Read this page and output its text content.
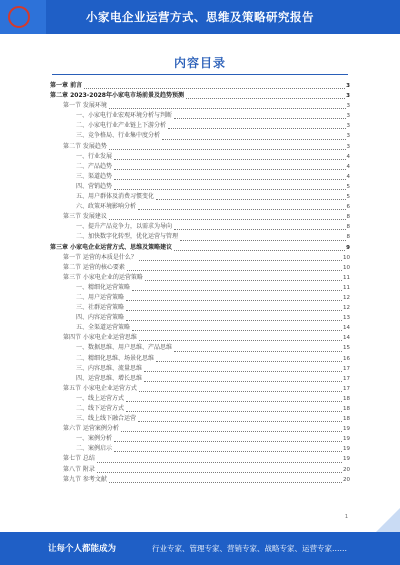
小家电企业运营方式、思维及策略研究报告
内容目录
第一章 前言	3
第二章 2023-2028年小家电市场前景及趋势预测	3
第一节 发展环境	3
一、小家电行业宏观环境分析与判断	3
二、小家电行业产业链上下游分析	3
三、竞争格局、行业集中度分析	3
第二节 发展趋势	3
一、行业发展	4
二、产品趋势	4
三、渠道趋势	4
四、营销趋势	5
五、用户群体及消费习惯变化	5
六、政策环境影响分析	6
第三节 发展建议	8
一、提升产品竞争力，以需求为导向	8
二、加快数字化转型，优化运营与管理	8
第三章 小家电企业运营方式、思维及策略建议	9
第一节 运营的本质是什么？	10
第二节 运营的核心要素	10
第三节 小家电企业的运营策略	11
一、精细化运营策略	11
二、用户运营策略	12
三、社群运营策略	12
四、内容运营策略	13
五、全渠道运营策略	14
第四节 小家电企业运营思维	14
一、数据思维、用户思维、产品思维	15
二、精细化思维、场景化思维	16
三、内容思维、流量思维	17
四、运营思维、增长思维	17
第五节 小家电企业运营方式	17
一、线上运营方式	18
二、线下运营方式	18
三、线上线下融合运营	18
第六节 运营案例分析	19
一、案例分析	19
二、案例启示	19
第七节 总结	19
第八节 附录	20
第九节 参考文献	20
1
让每个人都能成为	行业专家、管理专家、营销专家、战略专家、运营专家……
